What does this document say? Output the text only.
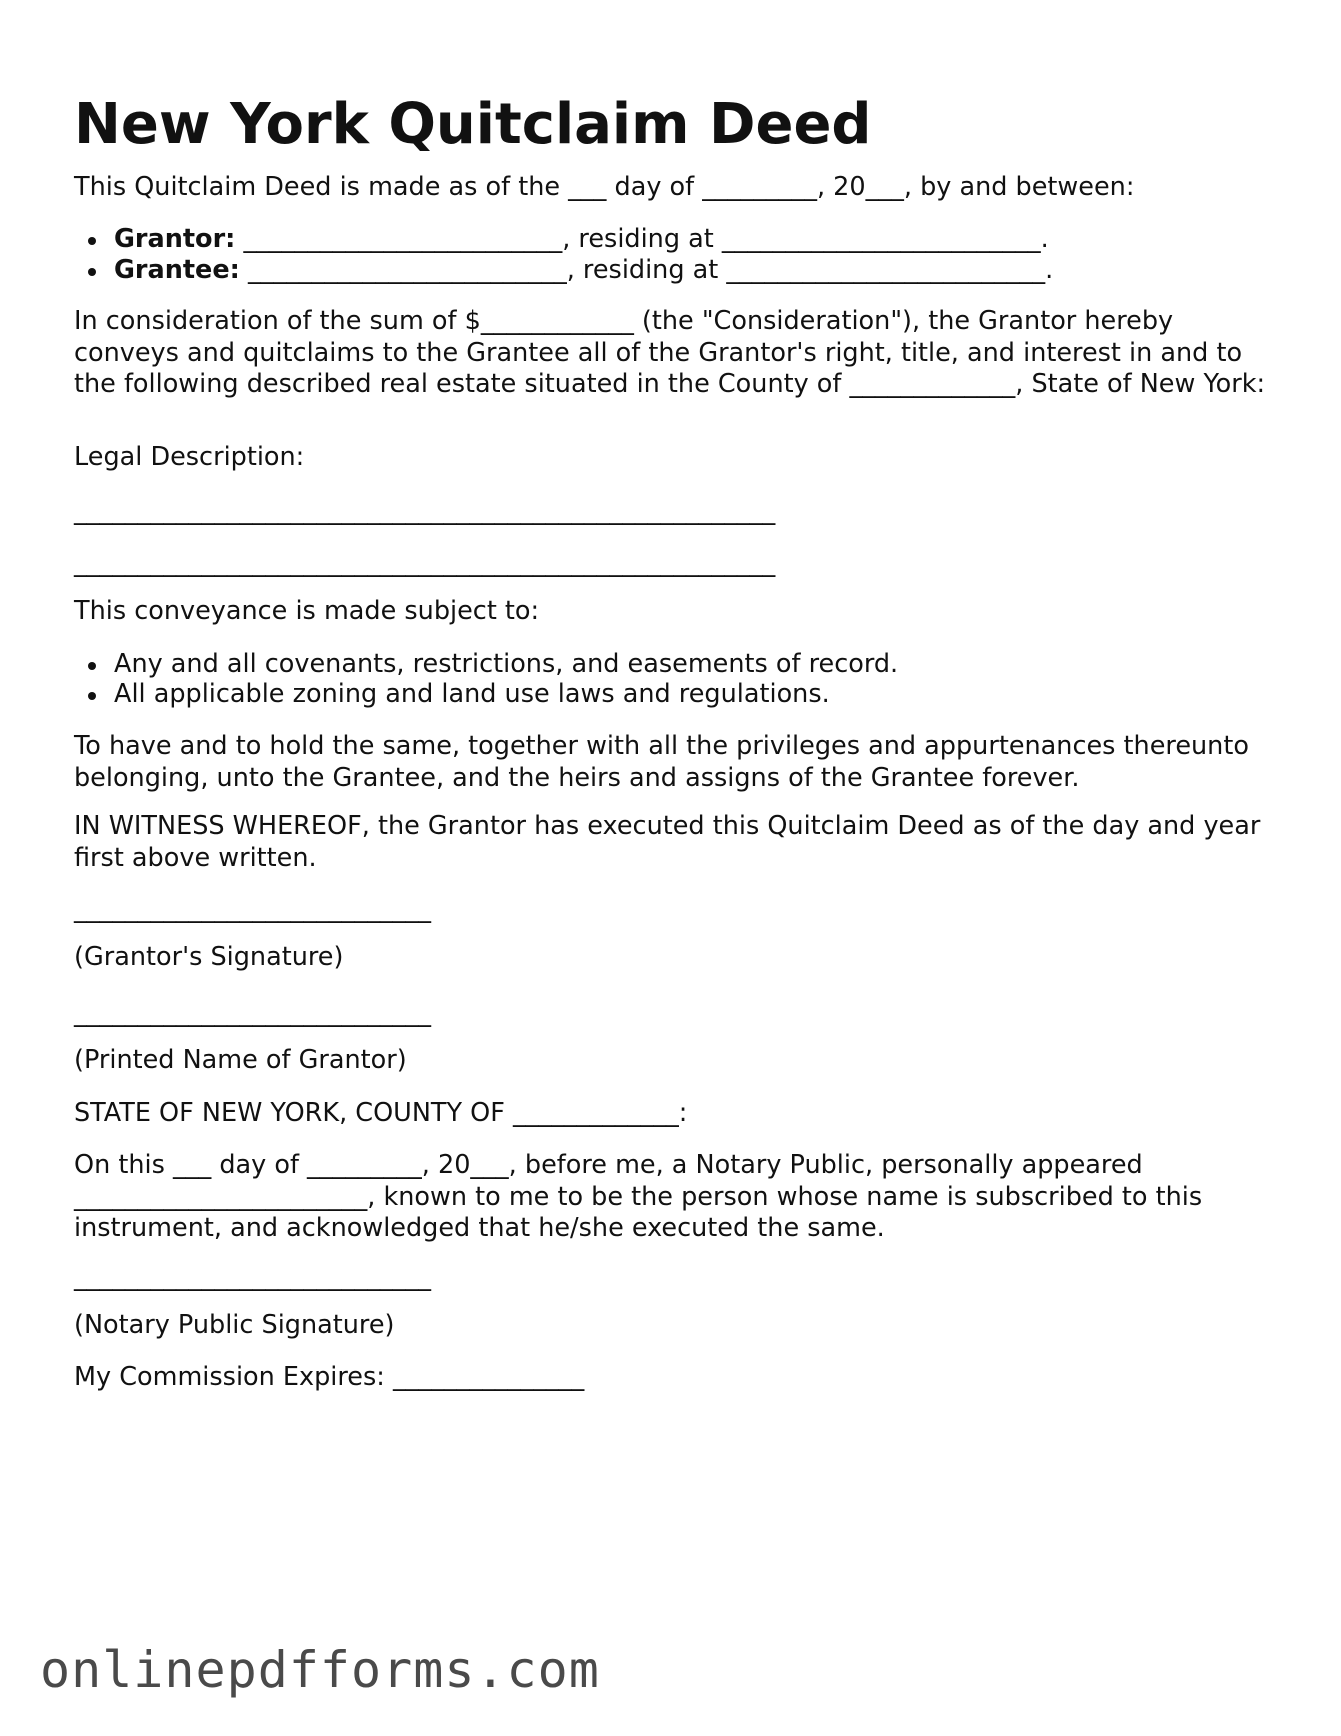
New York Quitclaim Deed

This Quitclaim Deed is made as of the ___ day of _________, 20___, by and between:

Grantor: _________________________, residing at _________________________.
Grantee: _________________________, residing at _________________________.

In consideration of the sum of $____________ (the "Consideration"), the Grantor hereby conveys and quitclaims to the Grantee all of the Grantor's right, title, and interest in and to the following described real estate situated in the County of _____________, State of New York:

Legal Description:

_______________________________________________________

_______________________________________________________

This conveyance is made subject to:

Any and all covenants, restrictions, and easements of record.
All applicable zoning and land use laws and regulations.

To have and to hold the same, together with all the privileges and appurtenances thereunto belonging, unto the Grantee, and the heirs and assigns of the Grantee forever.

IN WITNESS WHEREOF, the Grantor has executed this Quitclaim Deed as of the day and year first above written.

____________________________

(Grantor's Signature)

____________________________

(Printed Name of Grantor)

STATE OF NEW YORK, COUNTY OF _____________:

On this ___ day of _________, 20___, before me, a Notary Public, personally appeared _______________________, known to me to be the person whose name is subscribed to this instrument, and acknowledged that he/she executed the same.

____________________________

(Notary Public Signature)

My Commission Expires: _______________

onlinepdfforms.com
